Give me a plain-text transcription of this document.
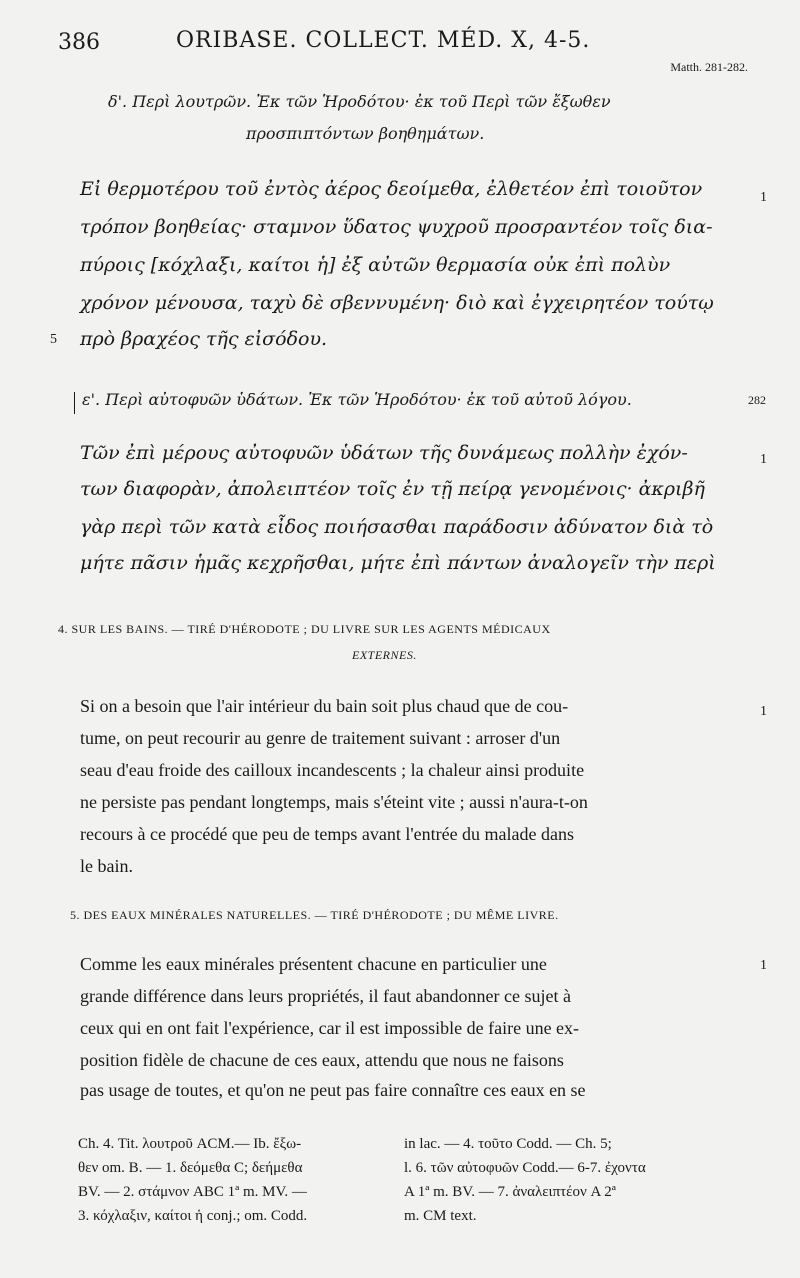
386	ORIBASE. COLLECT. MÉD. X, 4-5.
Matth. 281-282.
δ'. Περὶ λουτρῶν. Ἐκ τῶν Ἡροδότου· ἐκ τοῦ Περὶ τῶν ἔξωθεν
προσπιπτόντων βοηθημάτων.
Εἰ θερμοτέρου τοῦ ἐντὸς ἀέρος δεοίμεθα, ἐλθετέον ἐπὶ τοιοῦτον
τρόπον βοηθείας· σταμνον ὕδατος ψυχροῦ προσραντέον τοῖς δια-
πύροις [κόχλαξι, καίτοι ἡ] ἐξ αὐτῶν θερμασία οὐκ ἐπὶ πολὺν
χρόνον μένουσα, ταχὺ δὲ σβεννυμένη· διὸ καὶ ἐγχειρητέον τούτῳ
πρὸ βραχέος τῆς εἰσόδου.
5
1
ε'. Περὶ αὐτοφυῶν ὑδάτων. Ἐκ τῶν Ἡροδότου· ἐκ τοῦ αὐτοῦ λόγου.	282
Τῶν ἐπὶ μέρους αὐτοφυῶν ὑδάτων τῆς δυνάμεως πολλὴν ἐχόν-
των διαφορὰν, ἀπολειπτέον τοῖς ἐν τῇ πείρᾳ γενομένοις· ἀκριβῆ
γὰρ περὶ τῶν κατὰ εἶδος ποιήσασθαι παράδοσιν ἀδύνατον διὰ τὸ
μήτε πᾶσιν ἡμᾶς κεχρῆσθαι, μήτε ἐπὶ πάντων ἀναλογεῖν τὴν περὶ
1
4. SUR LES BAINS. — TIRÉ D'HÉRODOTE ; DU LIVRE SUR LES AGENTS MÉDICAUX
EXTERNES.
Si on a besoin que l'air intérieur du bain soit plus chaud que de cou-
tume, on peut recourir au genre de traitement suivant : arroser d'un
seau d'eau froide des cailloux incandescents ; la chaleur ainsi produite
ne persiste pas pendant longtemps, mais s'éteint vite ; aussi n'aura-t-on
recours à ce procédé que peu de temps avant l'entrée du malade dans
le bain.
1
5. DES EAUX MINÉRALES NATURELLES. — TIRÉ D'HÉRODOTE ; DU MÊME LIVRE.
Comme les eaux minérales présentent chacune en particulier une
grande différence dans leurs propriétés, il faut abandonner ce sujet à
ceux qui en ont fait l'expérience, car il est impossible de faire une ex-
position fidèle de chacune de ces eaux, attendu que nous ne faisons
pas usage de toutes, et qu'on ne peut pas faire connaître ces eaux en se
1
Ch. 4. Tit. λουτροῦ ACM.— Ib. ἔξω-
θεν om. B. — 1. δεόμεθα C; δεήμεθα
BV. — 2. στάμνον ABC 1ª m. MV. —
3. κόχλαξιν, καίτοι ἡ conj.; om. Codd.
in lac. — 4. τοῦτο Codd. — Ch. 5;
l. 6. τῶν αὐτοφυῶν Codd.— 6-7. ἐχοντα
A 1ª m. BV. — 7. ἀναλειπτέον A 2ª
m. CM text.
